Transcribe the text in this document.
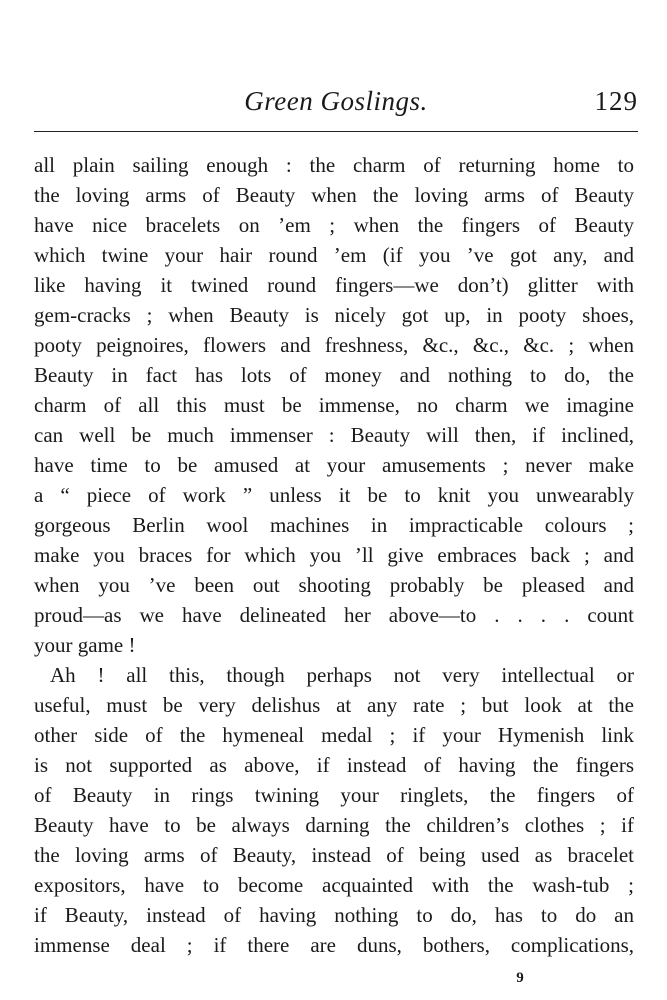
Green Goslings.	129
all plain sailing enough : the charm of returning home to
the loving arms of Beauty when the loving arms of Beauty
have nice bracelets on ’em ; when the fingers of Beauty
which twine your hair round ’em (if you ’ve got any, and
like having it twined round fingers—we don’t) glitter with
gem-cracks ; when Beauty is nicely got up, in pooty shoes,
pooty peignoires, flowers and freshness, &c., &c., &c. ; when
Beauty in fact has lots of money and nothing to do, the
charm of all this must be immense, no charm we imagine
can well be much immenser : Beauty will then, if inclined,
have time to be amused at your amusements ; never make
a “ piece of work ” unless it be to knit you unwearably
gorgeous Berlin wool machines in impracticable colours ;
make you braces for which you ’ll give embraces back ; and
when you ’ve been out shooting probably be pleased and
proud—as we have delineated her above—to . . . . count
your game !
Ah ! all this, though perhaps not very intellectual or
useful, must be very delishus at any rate ; but look at the
other side of the hymeneal medal ; if your Hymenish link
is not supported as above, if instead of having the fingers
of Beauty in rings twining your ringlets, the fingers of
Beauty have to be always darning the children’s clothes ; if
the loving arms of Beauty, instead of being used as bracelet
expositors, have to become acquainted with the wash-tub ;
if Beauty, instead of having nothing to do, has to do an
immense deal ; if there are duns, bothers, complications,
9
